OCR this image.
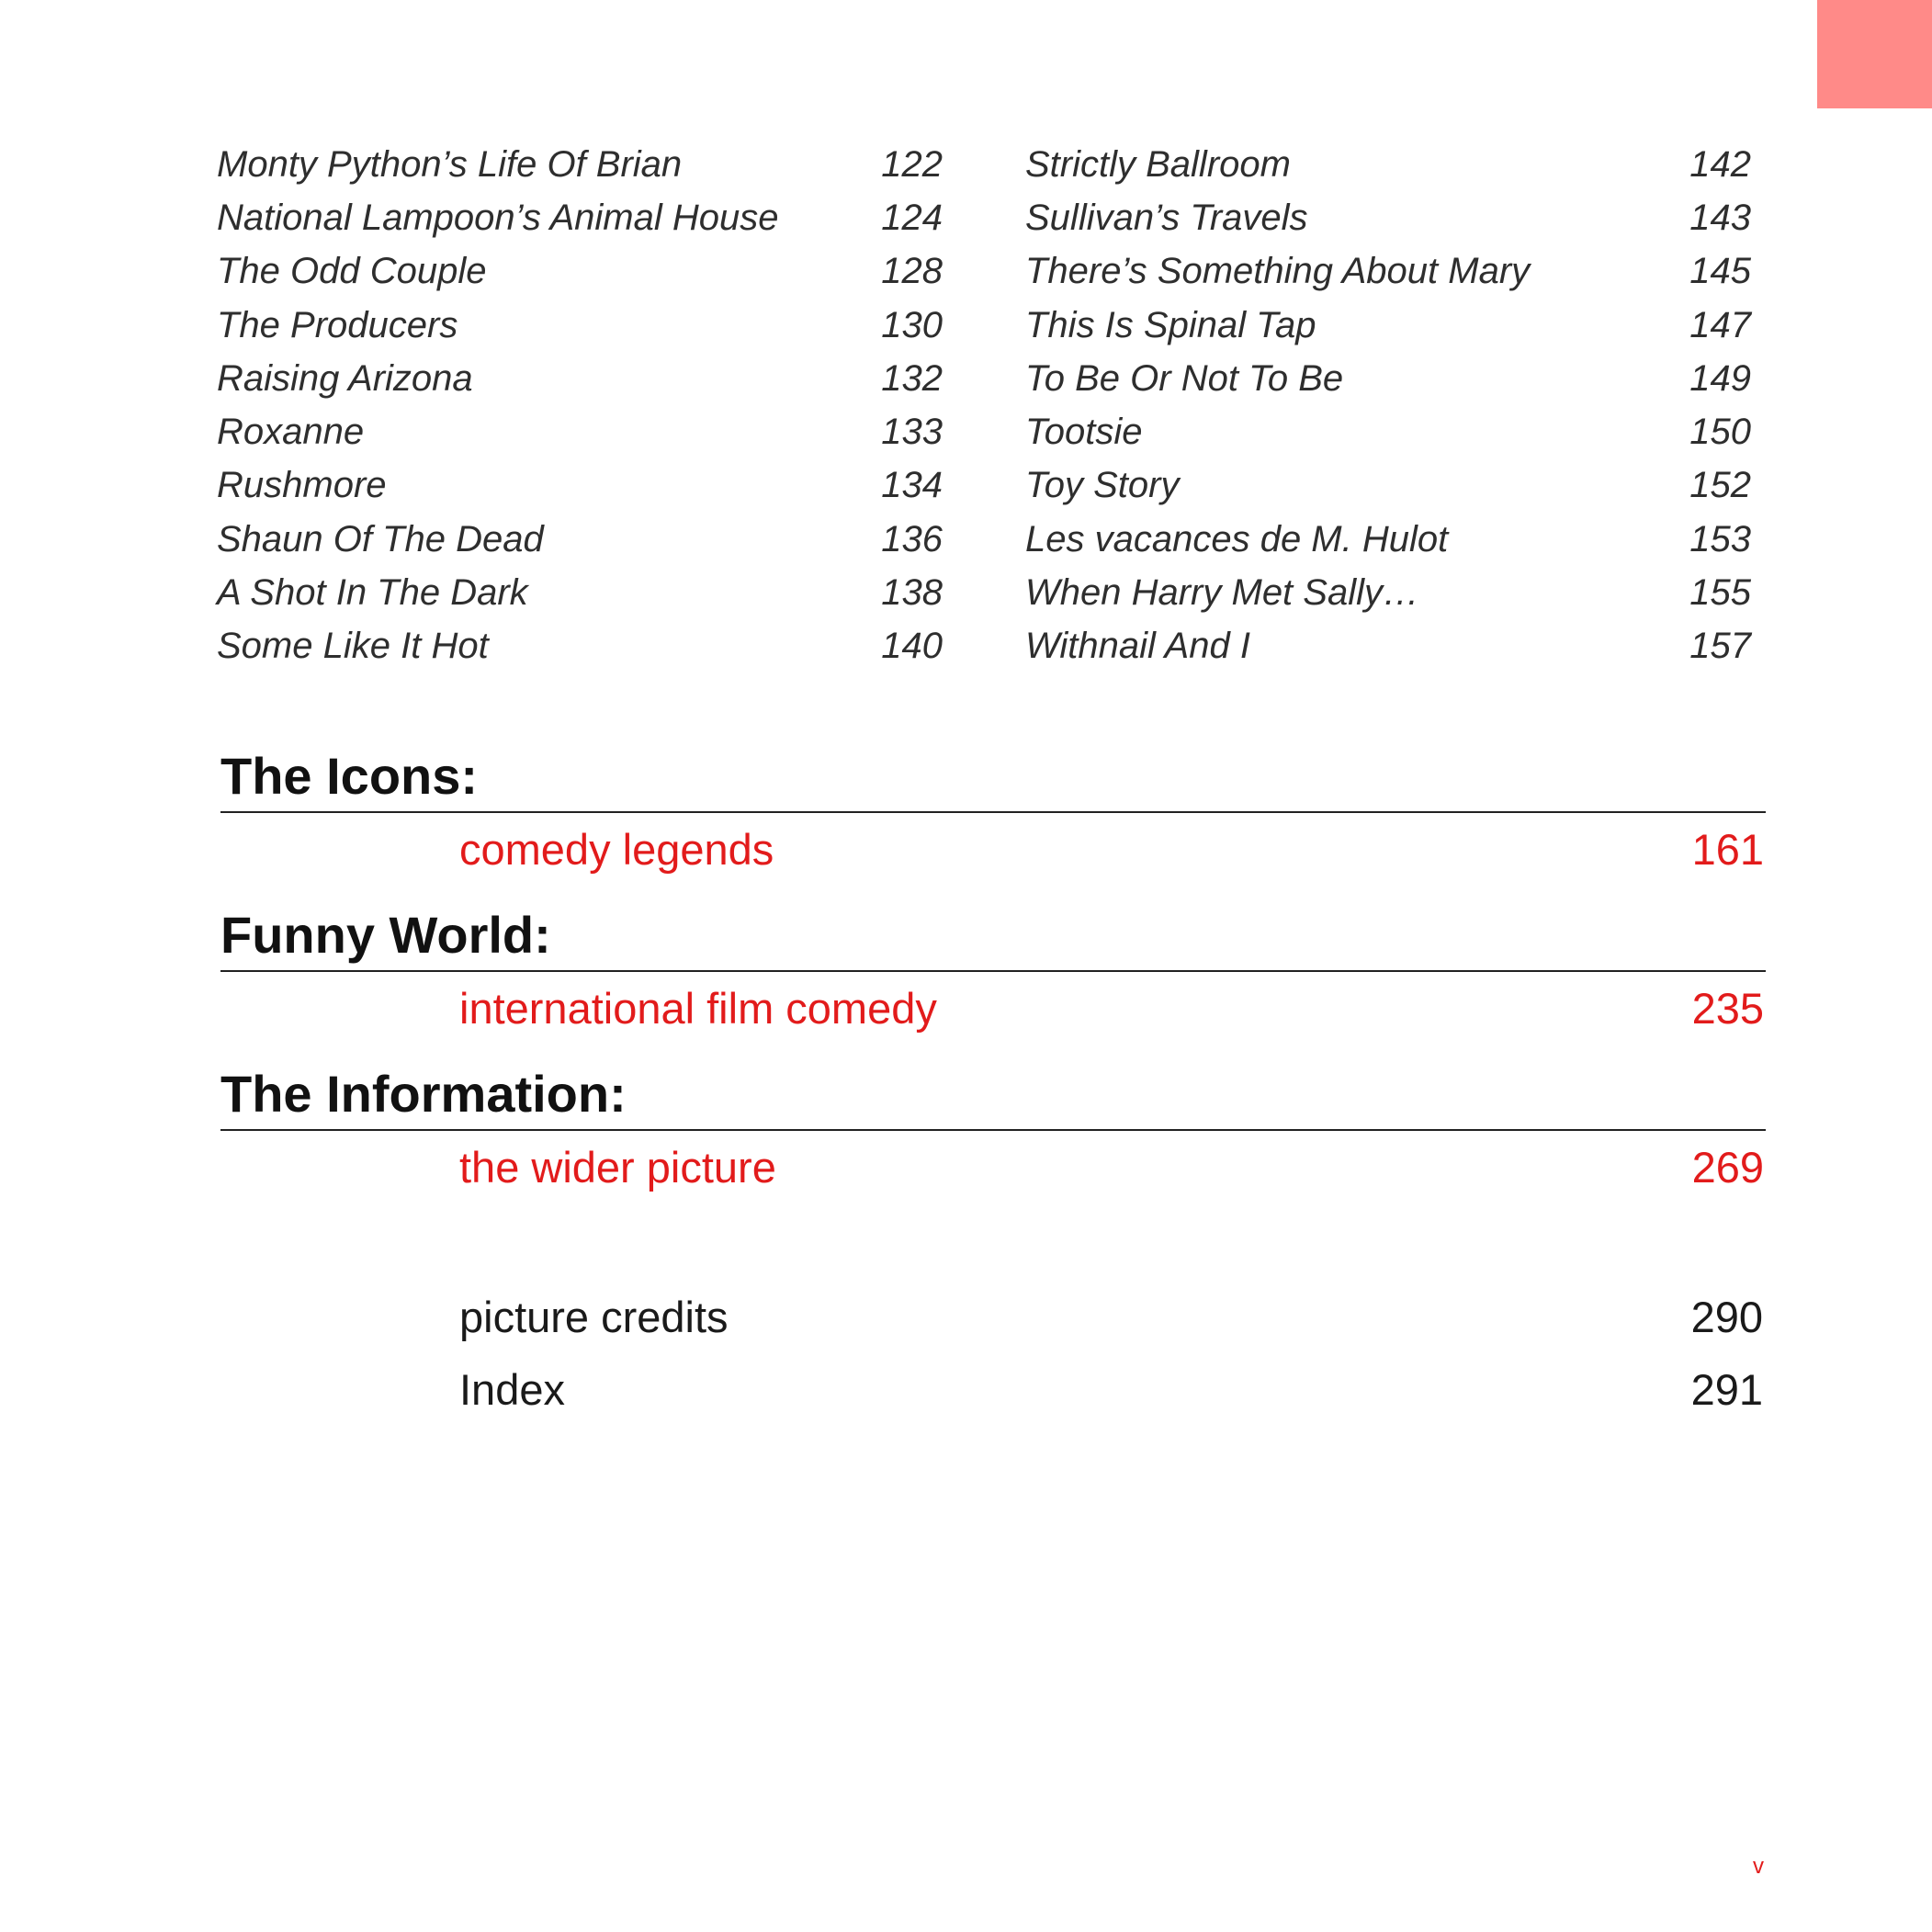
Monty Python’s Life Of Brian	122
National Lampoon’s Animal House	124
The Odd Couple	128
The Producers	130
Raising Arizona	132
Roxanne	133
Rushmore	134
Shaun Of The Dead	136
A Shot In The Dark	138
Some Like It Hot	140
Strictly Ballroom	142
Sullivan’s Travels	143
There’s Something About Mary	145
This Is Spinal Tap	147
To Be Or Not To Be	149
Tootsie	150
Toy Story	152
Les vacances de M. Hulot	153
When Harry Met Sally…	155
Withnail And I	157
The Icons:
comedy legends	161
Funny World:
international film comedy	235
The Information:
the wider picture	269
picture credits	290
Index	291
v
